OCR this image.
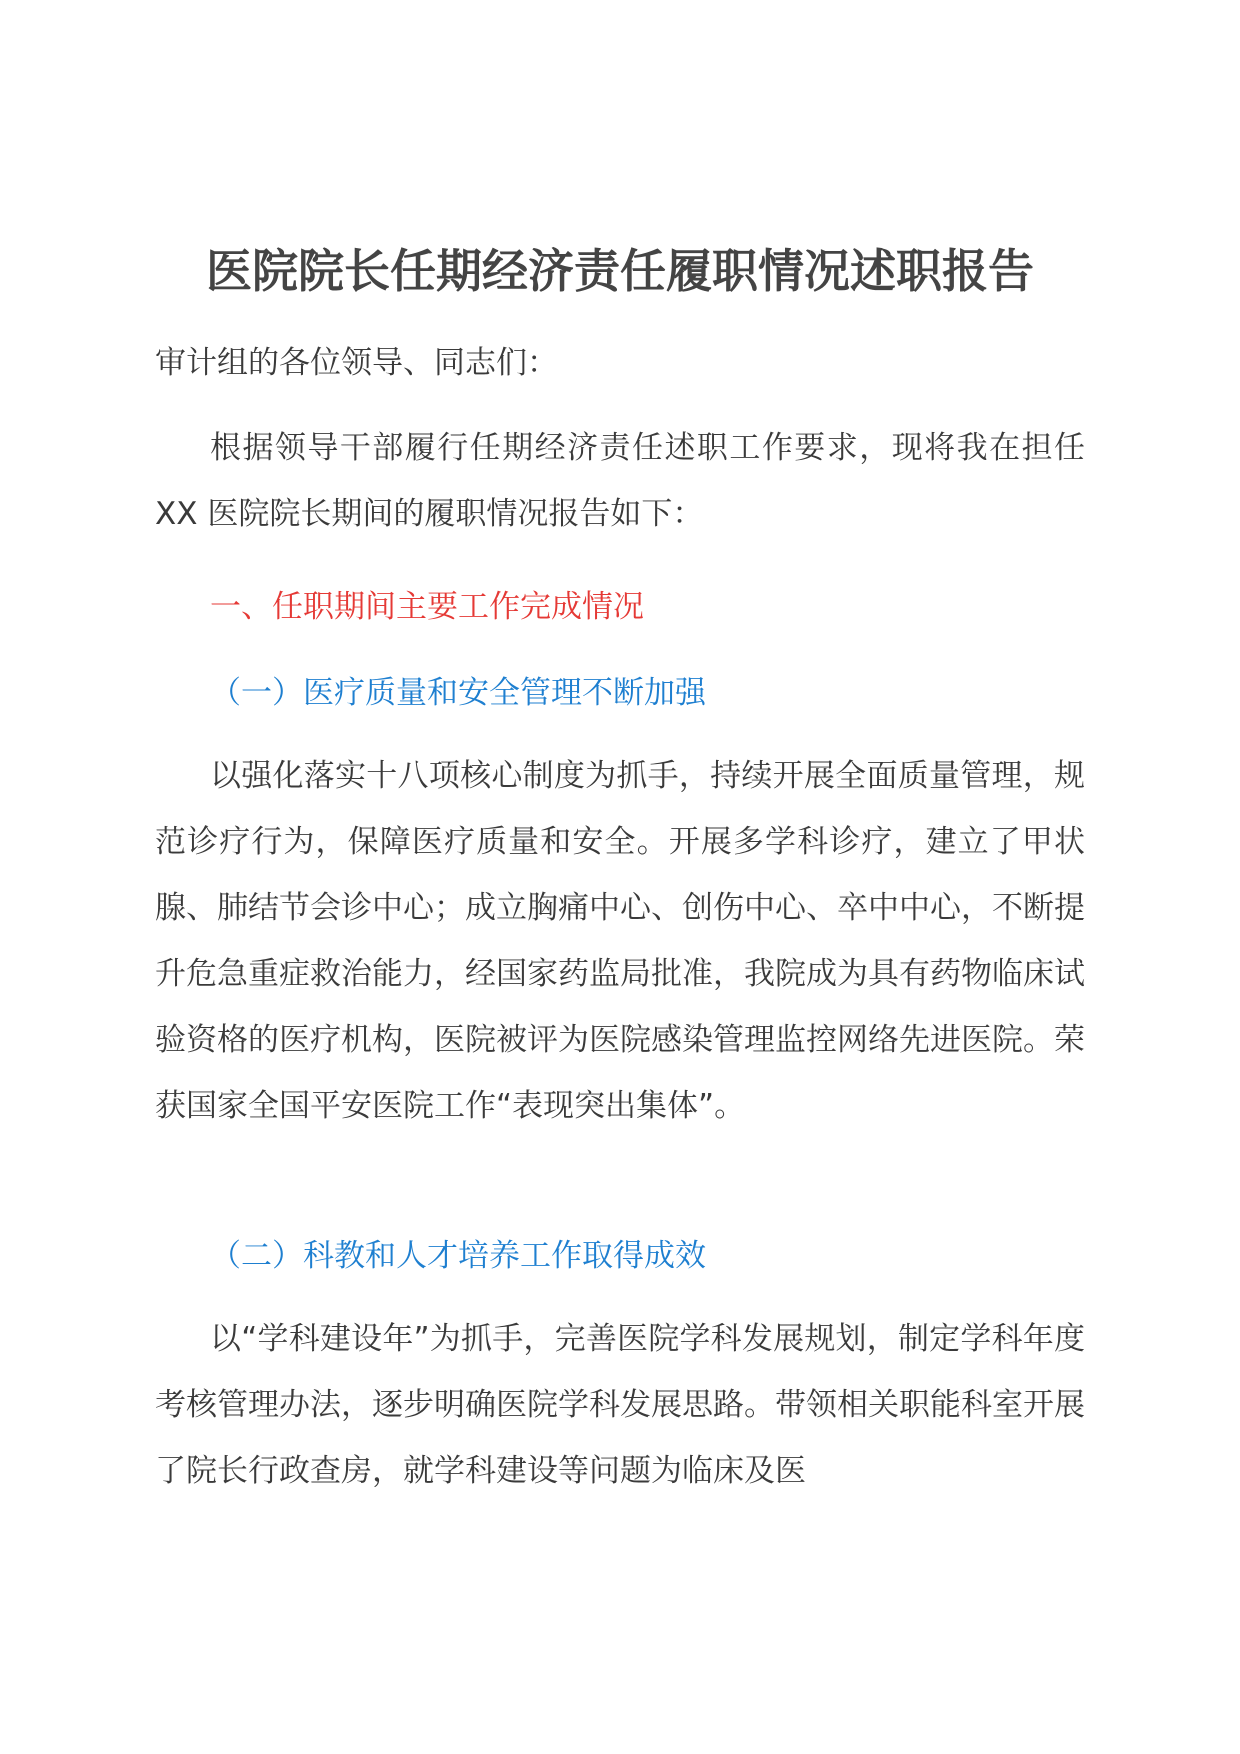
医院院长任期经济责任履职情况述职报告

审计组的各位领导、同志们：

根据领导干部履行任期经济责任述职工作要求，现将我在担任 XX 医院院长期间的履职情况报告如下：

一、任职期间主要工作完成情况

（一）医疗质量和安全管理不断加强

以强化落实十八项核心制度为抓手，持续开展全面质量管理，规范诊疗行为，保障医疗质量和安全。开展多学科诊疗，建立了甲状腺、肺结节会诊中心；成立胸痛中心、创伤中心、卒中中心，不断提升危急重症救治能力，经国家药监局批准，我院成为具有药物临床试验资格的医疗机构，医院被评为医院感染管理监控网络先进医院。荣获国家全国平安医院工作“表现突出集体”。

（二）科教和人才培养工作取得成效

以“学科建设年”为抓手，完善医院学科发展规划，制定学科年度考核管理办法，逐步明确医院学科发展思路。带领相关职能科室开展了院长行政查房，就学科建设等问题为临床及医
